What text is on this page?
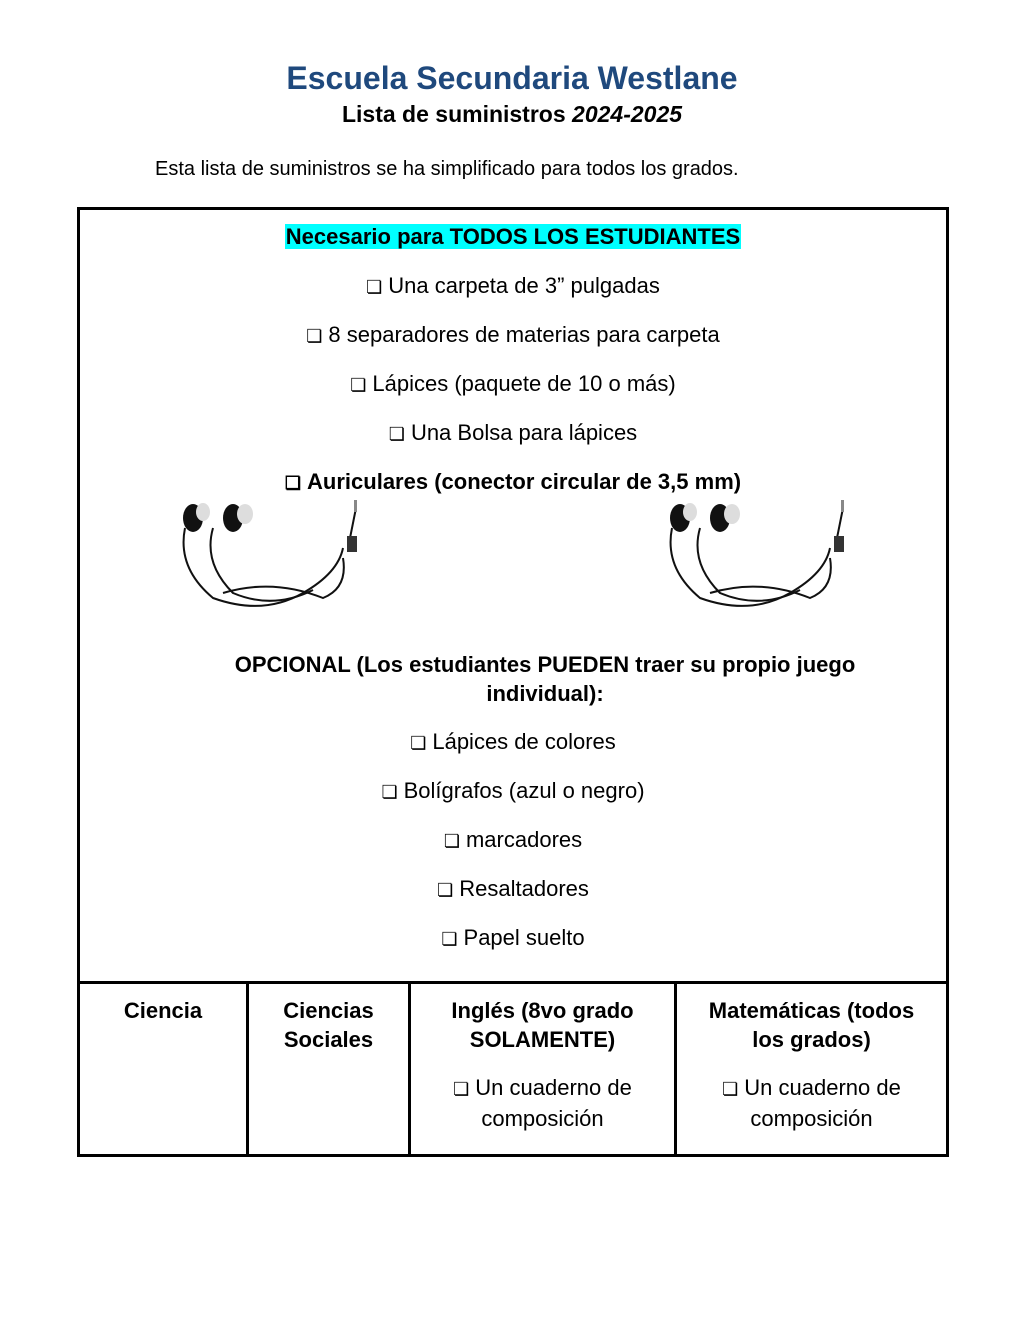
Escuela Secundaria Westlane
Lista de suministros 2024-2025
Esta lista de suministros se ha simplificado para todos los grados.
Necesario para TODOS LOS ESTUDIANTES
❏ Una carpeta de 3” pulgadas
❏ 8 separadores de materias para carpeta
❏ Lápices (paquete de 10 o más)
❏ Una Bolsa para lápices
❏ Auriculares (conector circular de 3,5 mm)
OPCIONAL (Los estudiantes PUEDEN traer su propio juego individual):
❏ Lápices de colores
❏ Bolígrafos (azul o negro)
❏ marcadores
❏ Resaltadores
❏ Papel suelto
Ciencia	Ciencias Sociales
Inglés (8vo grado SOLAMENTE)
❏ Un cuaderno de composición
Matemáticas (todos los grados)
❏ Un cuaderno de composición
